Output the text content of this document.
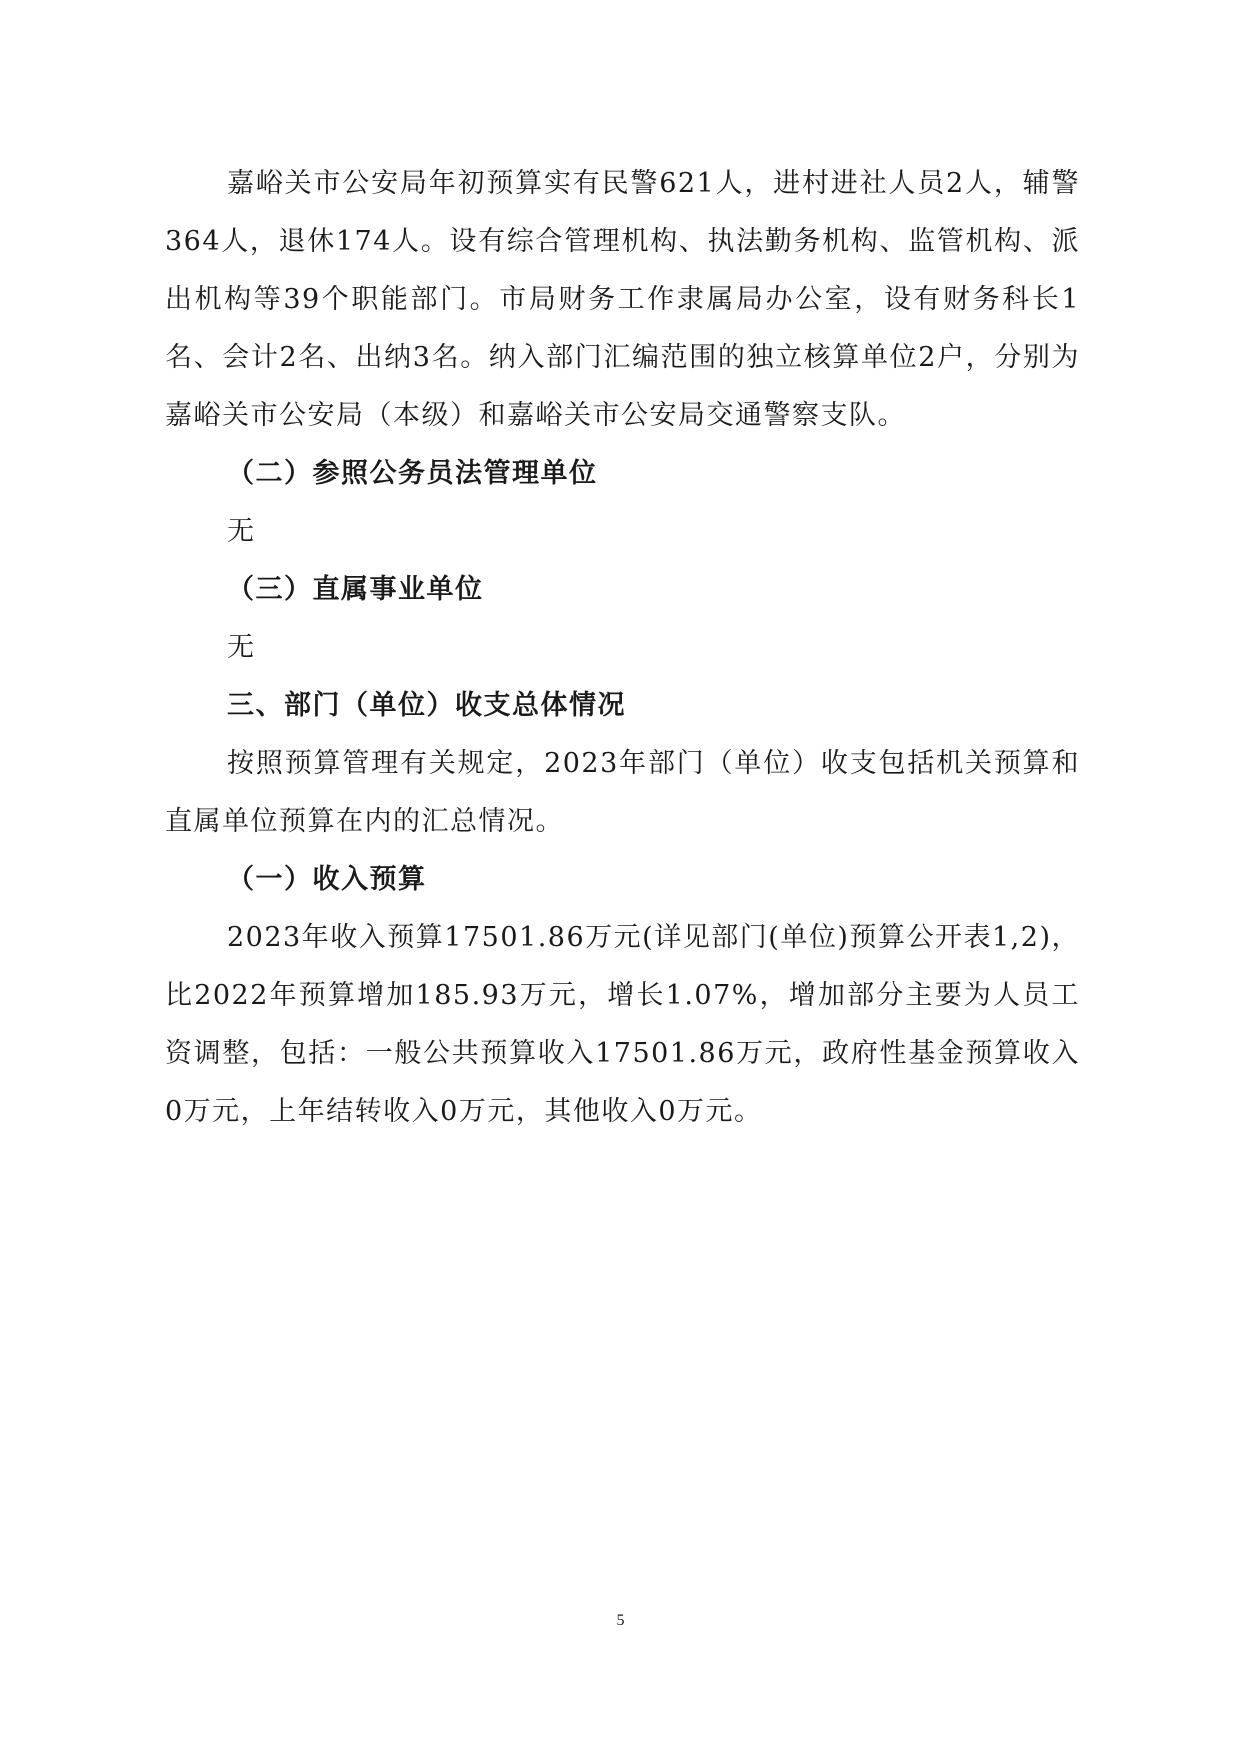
嘉峪关市公安局年初预算实有民警621人，进村进社人员2人，辅警364人，退休174人。设有综合管理机构、执法勤务机构、监管机构、派出机构等39个职能部门。市局财务工作隶属局办公室，设有财务科长1名、会计2名、出纳3名。纳入部门汇编范围的独立核算单位2户，分别为嘉峪关市公安局（本级）和嘉峪关市公安局交通警察支队。

（二）参照公务员法管理单位

无

（三）直属事业单位

无

三、部门（单位）收支总体情况

按照预算管理有关规定，2023年部门（单位）收支包括机关预算和直属单位预算在内的汇总情况。

（一）收入预算

2023年收入预算17501.86万元(详见部门(单位)预算公开表1,2)，比2022年预算增加185.93万元，增长1.07%，增加部分主要为人员工资调整，包括：一般公共预算收入17501.86万元，政府性基金预算收入0万元，上年结转收入0万元，其他收入0万元。

5
